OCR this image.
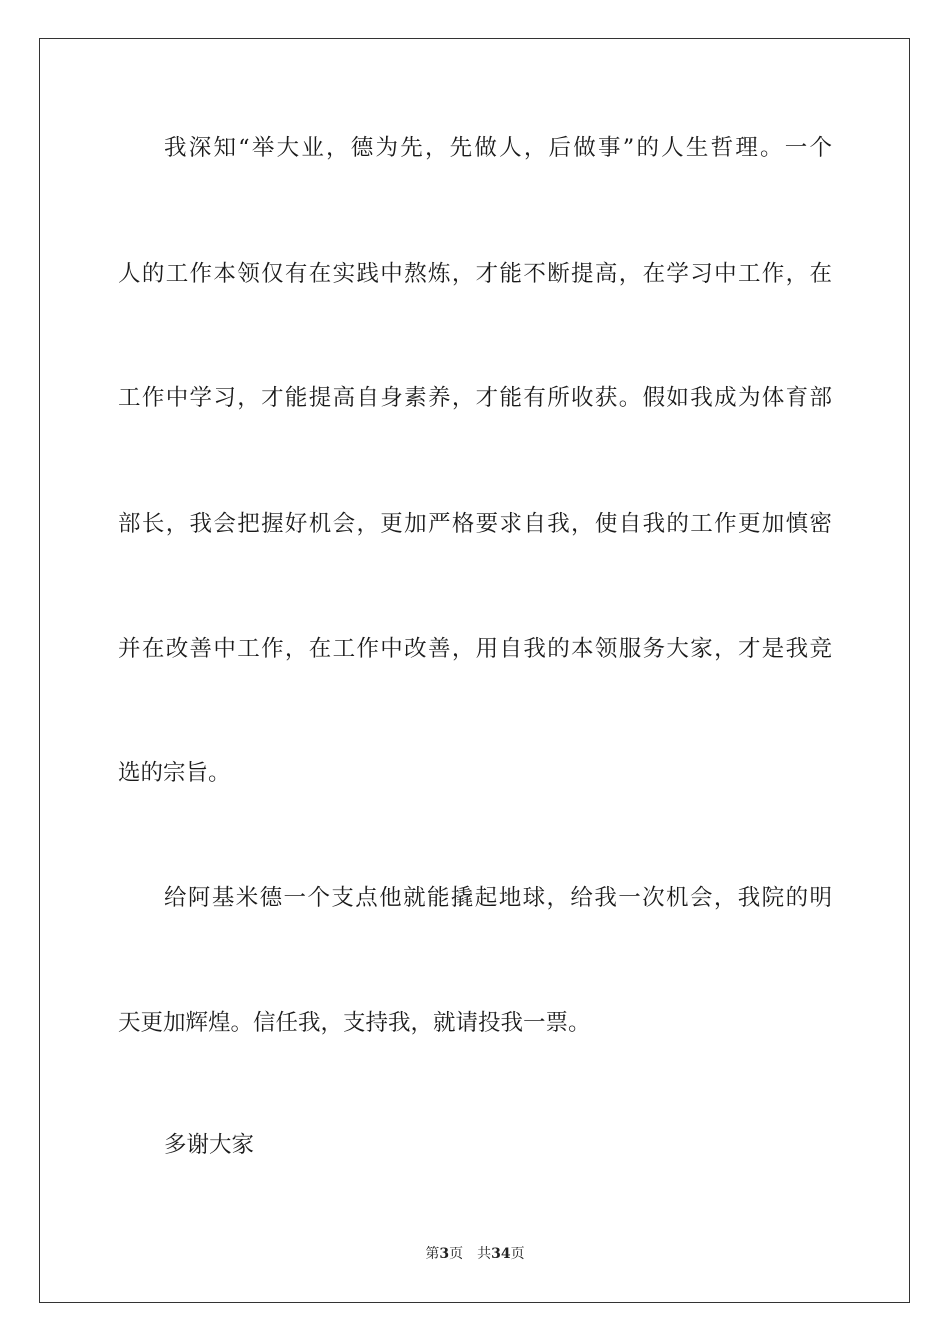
我深知“举大业，德为先，先做人，后做事”的人生哲理。一个
人的工作本领仅有在实践中熬炼，才能不断提高，在学习中工作，在
工作中学习，才能提高自身素养，才能有所收获。假如我成为体育部
部长，我会把握好机会，更加严格要求自我，使自我的工作更加慎密
并在改善中工作，在工作中改善，用自我的本领服务大家，才是我竞
选的宗旨。
给阿基米德一个支点他就能撬起地球，给我一次机会，我院的明
天更加辉煌。信任我，支持我，就请投我一票。
多谢大家
第3页 共34页
